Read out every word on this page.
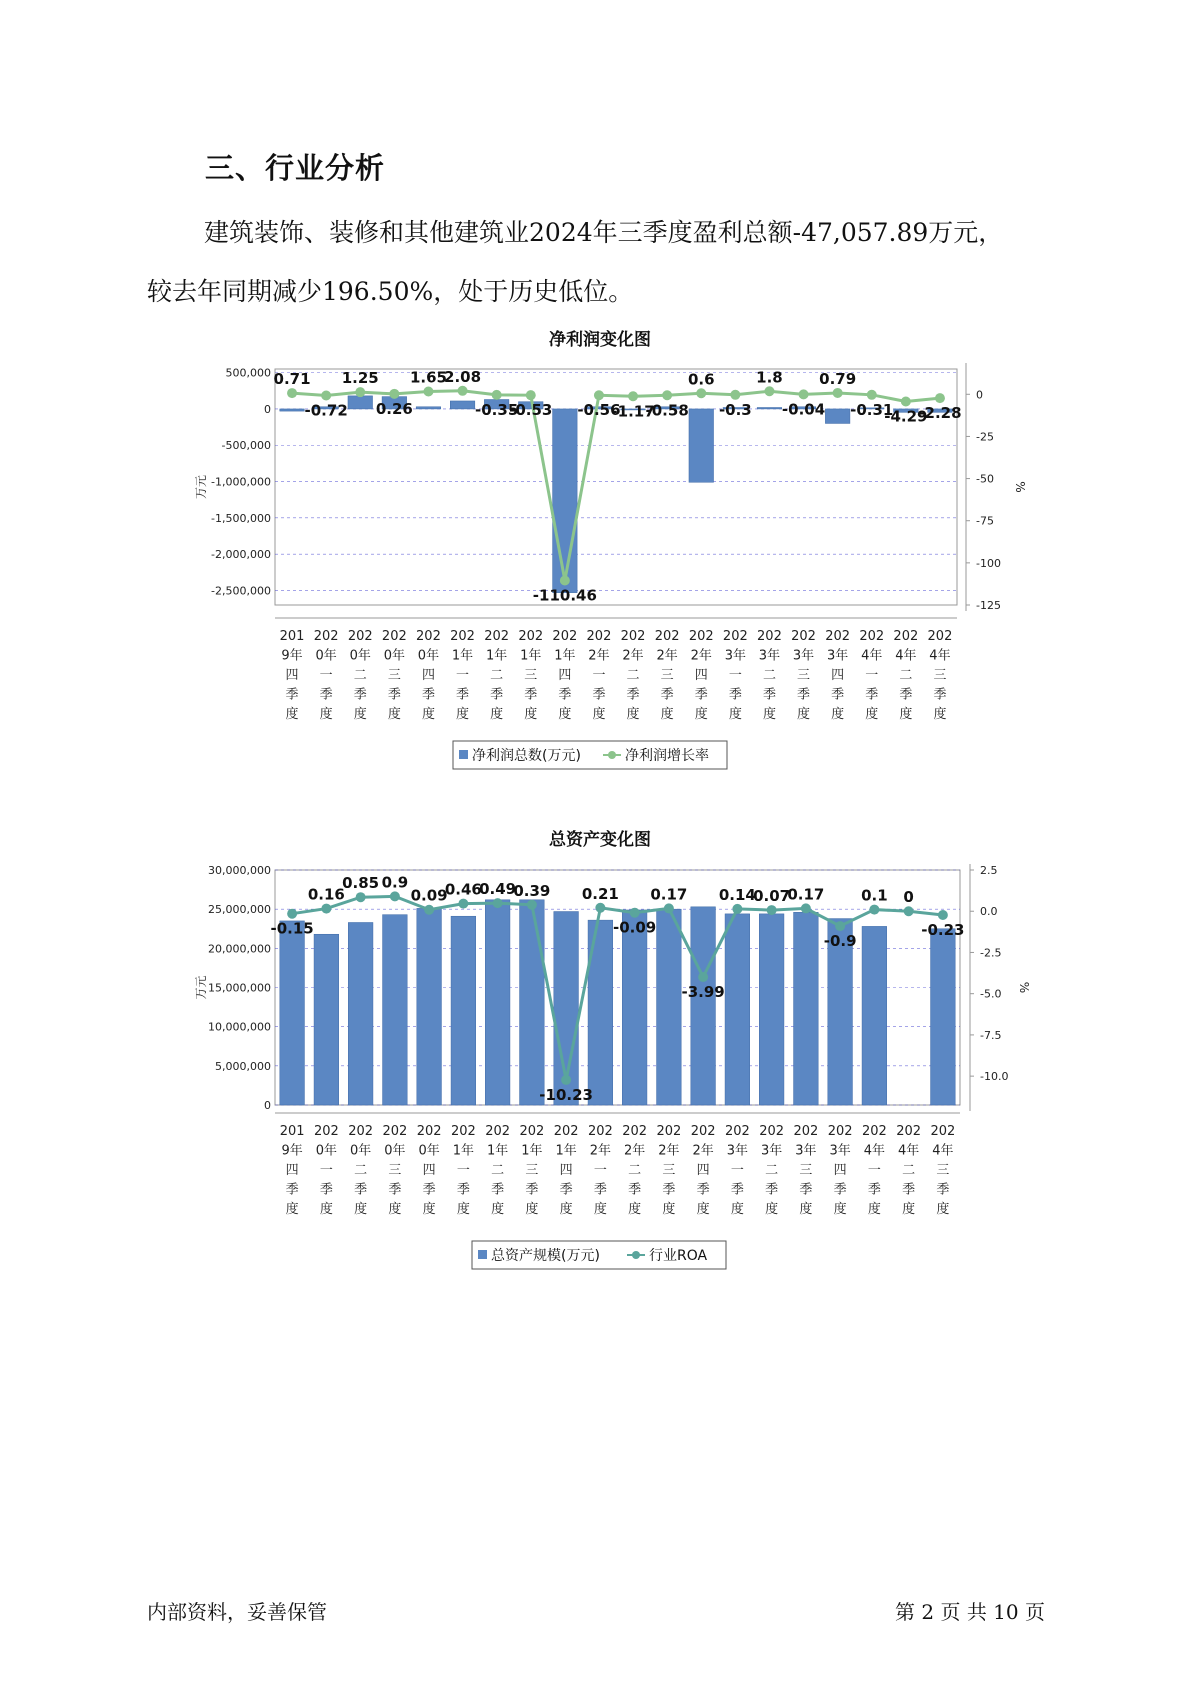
三、行业分析
建筑装饰、装修和其他建筑业2024年三季度盈利总额-47,057.89万元，
较去年同期减少196.50%，处于历史低位。
净利润变化图
500,000
0
-500,000
-1,000,000
-1,500,000
-2,000,000
-2,500,000
0
-25
-50
-75
-100
-125
万元	%
0.71
-0.72
1.25
0.26
1.65
2.08
-0.35
-0.53
-110.46
-0.56
-1.17
-0.58
0.6
-0.3
1.8
-0.04
0.79
-0.31
-4.29
-2.28
201
9年
四
季
度
202
0年
一
季
度
202
0年
二
季
度
202
0年
三
季
度
202
0年
四
季
度
202
1年
一
季
度
202
1年
二
季
度
202
1年
三
季
度
202
1年
四
季
度
202
2年
一
季
度
202
2年
二
季
度
202
2年
三
季
度
202
2年
四
季
度
202
3年
一
季
度
202
3年
二
季
度
202
3年
三
季
度
202
3年
四
季
度
202
4年
一
季
度
202
4年
二
季
度
202
4年
三
季
度
净利润总数(万元)	净利润增长率
总资产变化图
30,000,000
25,000,000
20,000,000
15,000,000
10,000,000
5,000,000
0
2.5
0.0
-2.5
-5.0
-7.5
-10.0
万元	%
-0.15
0.16
0.85 0.9
0.09
0.46
0.49
0.39
-10.23
0.21
-0.09
0.17
-3.99
0.14
0.07
0.17
-0.9
0.1 0
-0.23
201
9年
四
季
度
202
0年
一
季
度
202
0年
二
季
度
202
0年
三
季
度
202
0年
四
季
度
202
1年
一
季
度
202
1年
二
季
度
202
1年
三
季
度
202
1年
四
季
度
202
2年
一
季
度
202
2年
二
季
度
202
2年
三
季
度
202
2年
四
季
度
202
3年
一
季
度
202
3年
二
季
度
202
3年
三
季
度
202
3年
四
季
度
202
4年
一
季
度
202
4年
二
季
度
202
4年
三
季
度
总资产规模(万元)	行业ROA
内部资料，妥善保管	第 2 页 共 10 页
